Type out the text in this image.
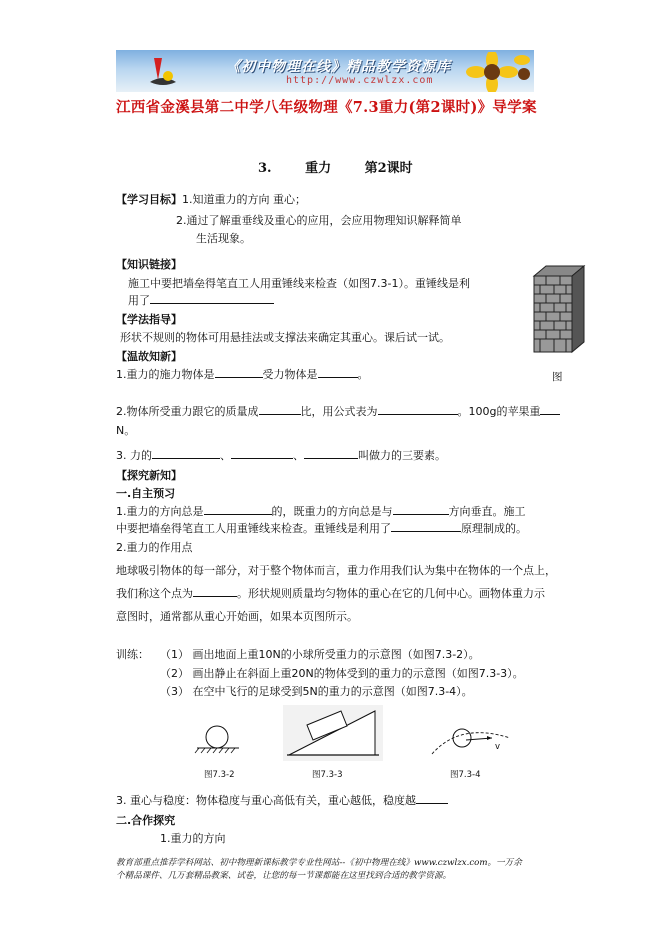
《初中物理在线》精品教学资源库
http://www.czwlzx.com
江西省金溪县第二中学八年级物理《7.3重力(第2课时)》导学案
3.　 重力 　第2课时
【学习目标】1.知道重力的方向 重心；
2.通过了解重垂线及重心的应用，会应用物理知识解释简单
生活现象。
【知识链接】
施工中要把墙垒得笔直工人用重锤线来检查（如图7.3-1）。重锤线是利
用了
图
【学法指导】
形状不规则的物体可用悬挂法或支撑法来确定其重心。课后试一试。
【温故知新】
1.重力的施力物体是	受力物体是	。
2.物体所受重力跟它的质量成	比，用公式表为	。100g的苹果重
N。
3. 力的	、	、	叫做力的三要素。
【探究新知】
一.自主预习
1.重力的方向总是	的，既重力的方向总是与	方向垂直。施工
中要把墙垒得笔直工人用重锤线来检查。重锤线是利用了	原理制成的。
2.重力的作用点
地球吸引物体的每一部分，对于整个物体而言，重力作用我们认为集中在物体的一个点上，
我们称这个点为	。形状规则质量均匀物体的重心在它的几何中心。画物体重力示
意图时，通常都从重心开始画，如果本页图所示。
训练： （1） 画出地面上重10N的小球所受重力的示意图（如图7.3-2）。
（2） 画出静止在斜面上重20N的物体受到的重力的示意图（如图7.3-3）。
（3） 在空中飞行的足球受到5N的重力的示意图（如图7.3-4）。
v
图7.3-2	图7.3-3	图7.3-4
3. 重心与稳度：物体稳度与重心高低有关，重心越低，稳度越
二.合作探究
1.重力的方向
教育部重点推荐学科网站、初中物理新课标教学专业性网站--《初中物理在线》www.czwlzx.com。一万余
个精品课件、几万套精品教案、试卷，让您的每一节课都能在这里找到合适的教学资源。
